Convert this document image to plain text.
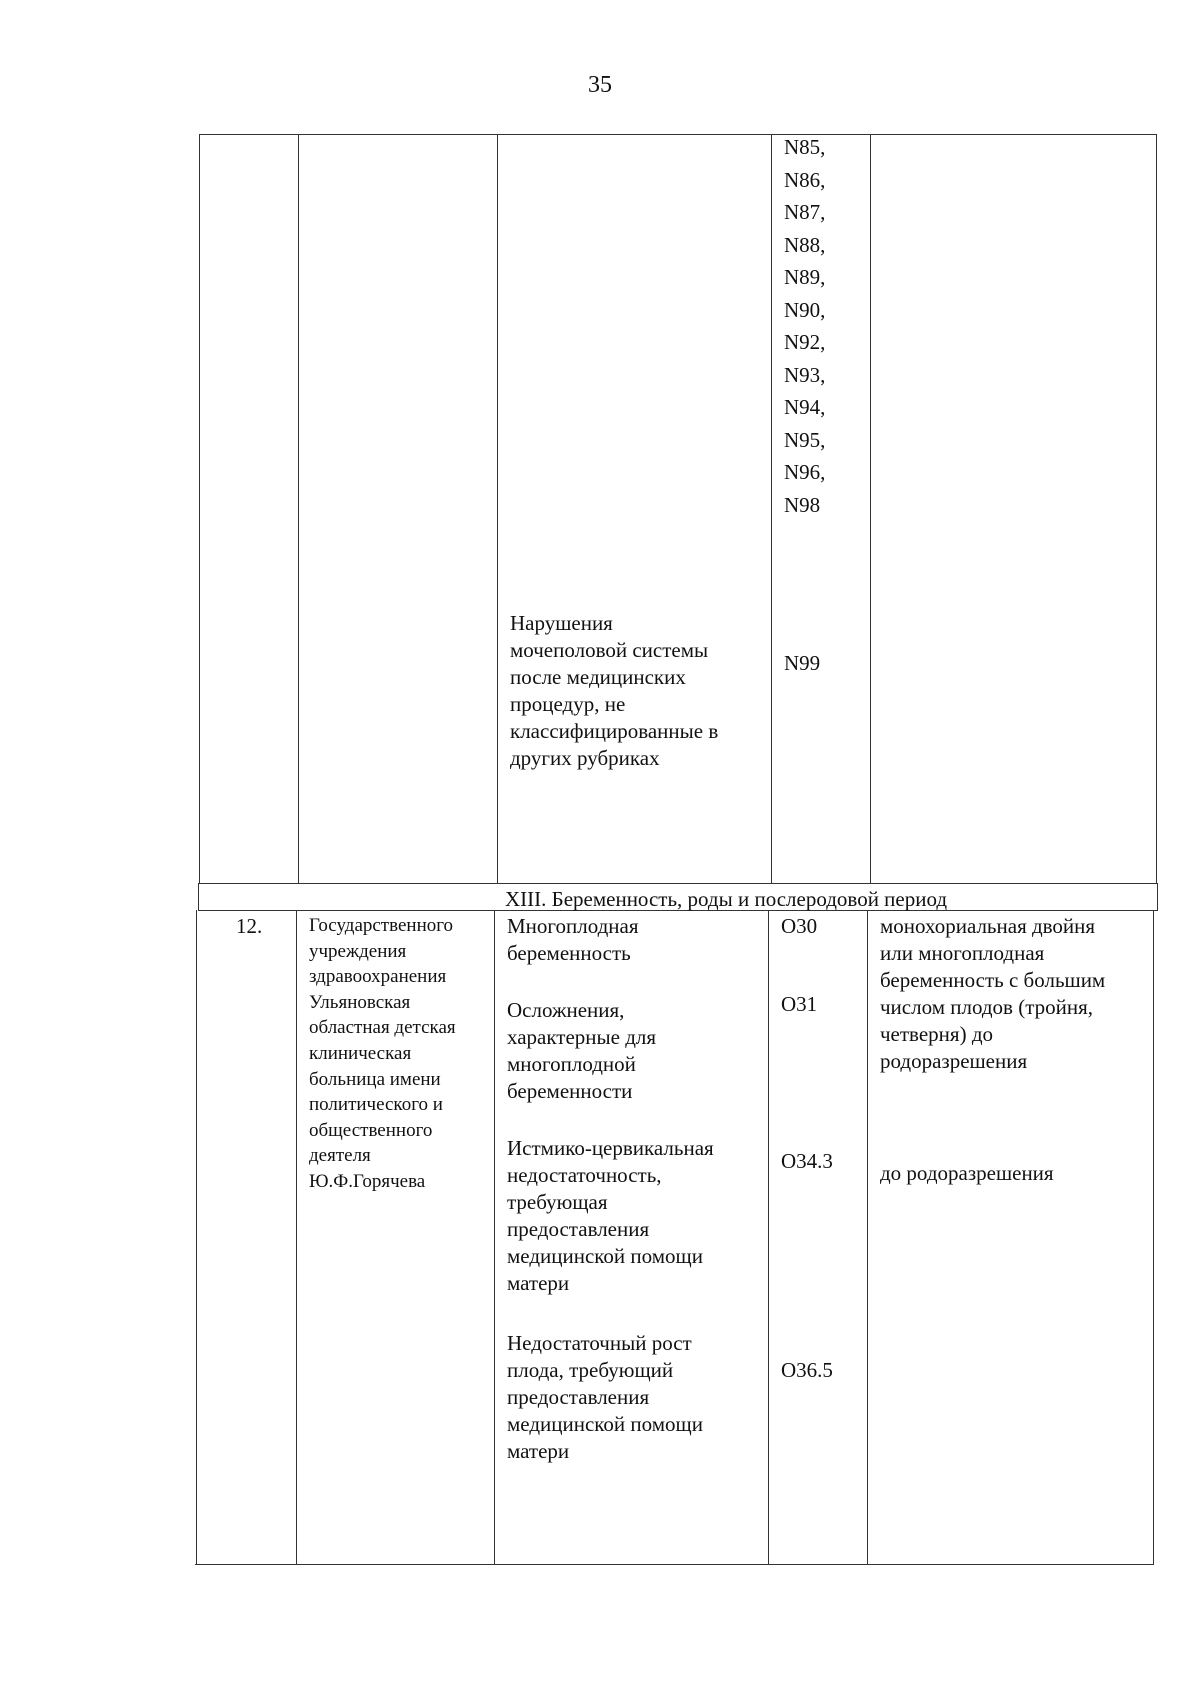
35
N85,
N86,
N87,
N88,
N89,
N90,
N92,
N93,
N94,
N95,
N96,
N98
Нарушения
мочеполовой системы
после медицинских
процедур, не
классифицированные в
других рубриках
N99
XIII. Беременность, роды и послеродовой период
12. Государственного
учреждения
здравоохранения
Ульяновская
областная детская
клиническая
больница имени
политического и
общественного
деятеля
Ю.Ф.Горячева
Многоплодная
беременность
O30
Осложнения,
характерные для
многоплодной
беременности
O31
Истмико-цервикальная
недостаточность,
требующая
предоставления
медицинской помощи
матери
O34.3
Недостаточный рост
плода, требующий
предоставления
медицинской помощи
матери
O36.5
монохориальная двойня
или многоплодная
беременность с большим
числом плодов (тройня,
четверня) до
родоразрешения
до родоразрешения
